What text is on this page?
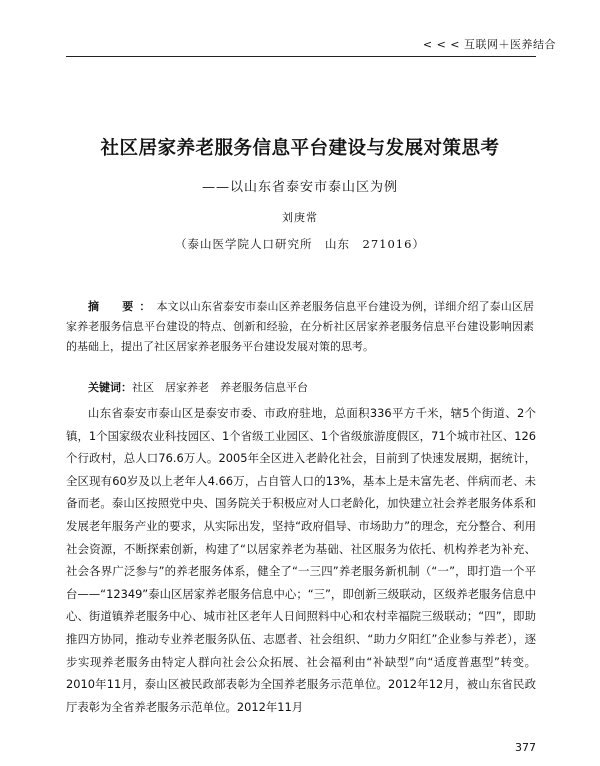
< < < 互联网＋医养结合
社区居家养老服务信息平台建设与发展对策思考
——以山东省泰安市泰山区为例
刘庚常
（泰山医学院人口研究所　山东　271016）
摘　要：本文以山东省泰安市泰山区养老服务信息平台建设为例，详细介绍了泰山区居家养老服务信息平台建设的特点、创新和经验，在分析社区居家养老服务信息平台建设影响因素的基础上，提出了社区居家养老服务平台建设发展对策的思考。
关键词：社区　居家养老　养老服务信息平台
山东省泰安市泰山区是泰安市委、市政府驻地，总面积336平方千米，辖5个街道、2个镇，1个国家级农业科技园区、1个省级工业园区、1个省级旅游度假区，71个城市社区、126个行政村，总人口76.6万人。2005年全区进入老龄化社会，目前到了快速发展期，据统计，全区现有60岁及以上老年人4.66万，占自管人口的13%，基本上是未富先老、伴病而老、未备而老。泰山区按照党中央、国务院关于积极应对人口老龄化，加快建立社会养老服务体系和发展老年服务产业的要求，从实际出发，坚持“政府倡导、市场助力”的理念，充分整合、利用社会资源，不断探索创新，构建了“以居家养老为基础、社区服务为依托、机构养老为补充、社会各界广泛参与”的养老服务体系，健全了“一三四”养老服务新机制（“一”，即打造一个平台——“12349”泰山区居家养老服务信息中心；“三”，即创新三级联动，区级养老服务信息中心、街道镇养老服务中心、城市社区老年人日间照料中心和农村幸福院三级联动；“四”，即助推四方协同，推动专业养老服务队伍、志愿者、社会组织、“助力夕阳红”企业参与养老），逐步实现养老服务由特定人群向社会公众拓展、社会福利由“补缺型”向“适度普惠型”转变。2010年11月，泰山区被民政部表彰为全国养老服务示范单位。2012年12月，被山东省民政厅表彰为全省养老服务示范单位。2012年11月
377
